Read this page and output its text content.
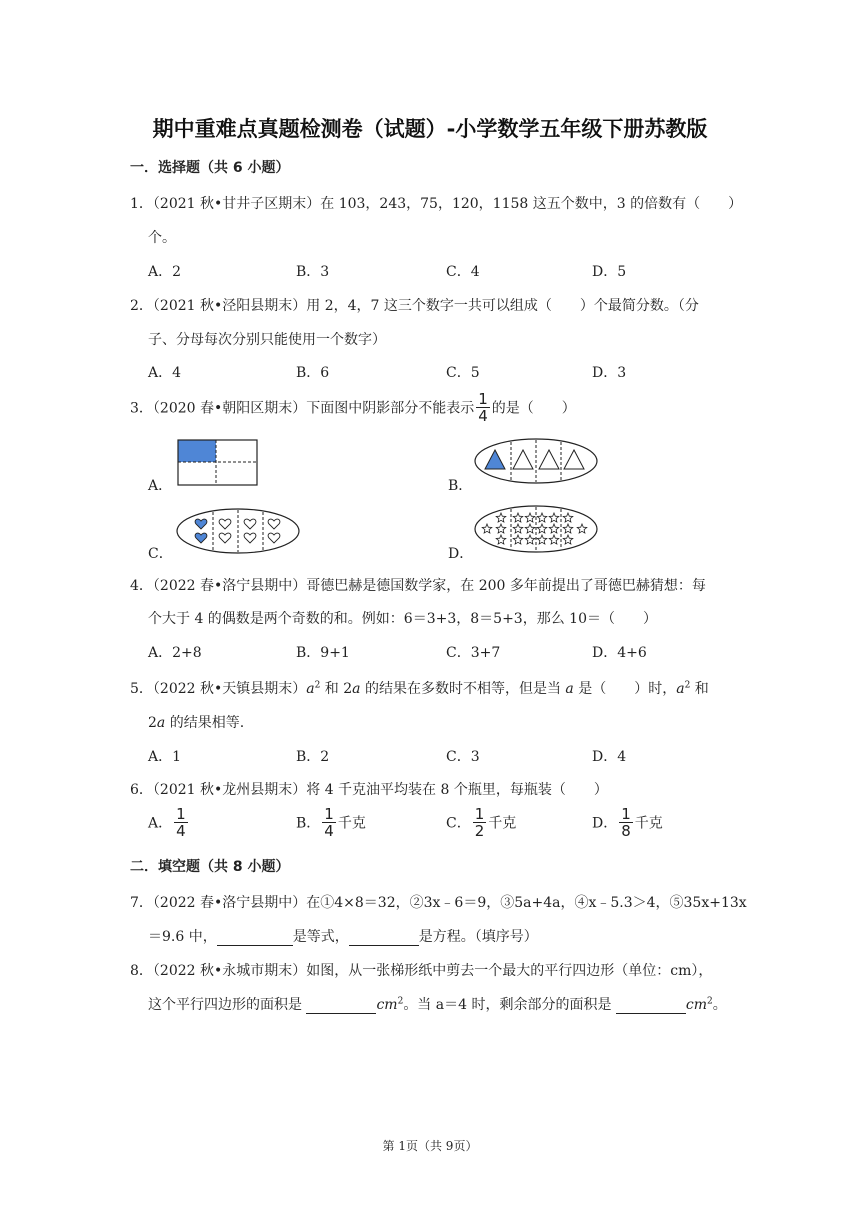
期中重难点真题检测卷（试题）-小学数学五年级下册苏教版
一．选择题（共 6 小题）
1．（2021 秋•甘井子区期末）在 103，243，75，120，1158 这五个数中，3 的倍数有（　　）
个。
A．2	B．3	C．4	D．5
2．（2021 秋•泾阳县期末）用 2，4，7 这三个数字一共可以组成（　　）个最简分数。（分
子、分母每次分别只能使用一个数字）
A．4	B．6	C．5	D．3
3．（2020 春•朝阳区期末）下面图中阴影部分不能表示 $\frac{1}{4}$ 的是（　　）
A．	B．
C．	D．
4．（2022 春•洛宁县期中）哥德巴赫是德国数学家，在 200 多年前提出了哥德巴赫猜想：每
个大于 4 的偶数是两个奇数的和。例如：6＝3+3，8＝5+3，那么 10＝（　　）
A．2+8	B．9+1	C．3+7	D．4+6
5．（2022 秋•天镇县期末）$a^2$ 和 2a 的结果在多数时不相等，但是当 a 是（　　）时，$a^2$ 和
2a 的结果相等.
A．1	B．2	C．3	D．4
6．（2021 秋•龙州县期末）将 4 千克油平均装在 8 个瓶里，每瓶装（　　）
A． $\frac{1}{4}$	B． $\frac{1}{4}$ 千克	C． $\frac{1}{2}$ 千克	D． $\frac{1}{8}$ 千克
二．填空题（共 8 小题）
7．（2022 春•洛宁县期中）在①4×8＝32，②3x﹣6＝9，③5a+4a，④x﹣5.3＞4，⑤35x+13x
＝9.6 中，	是等式，	是方程。（填序号）
8．（2022 秋•永城市期末）如图，从一张梯形纸中剪去一个最大的平行四边形（单位：cm），
这个平行四边形的面积是	$cm^2$。当 a＝4 时，剩余部分的面积是	$cm^2$。
第 1页（共 9页）
